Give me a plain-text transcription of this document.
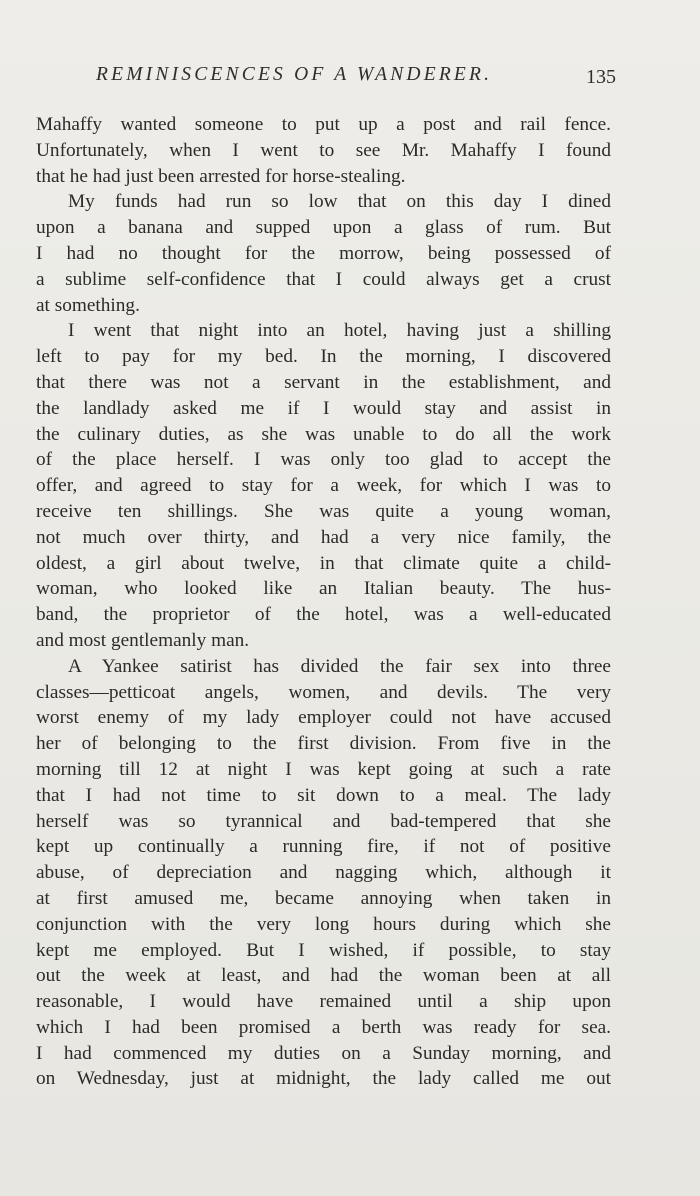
REMINISCENCES OF A WANDERER.	135
Mahaffy wanted someone to put up a post and rail fence.
Unfortunately, when I went to see Mr. Mahaffy I found
that he had just been arrested for horse-stealing.
My funds had run so low that on this day I dined
upon a banana and supped upon a glass of rum. But
I had no thought for the morrow, being possessed of
a sublime self-confidence that I could always get a crust
at something.
I went that night into an hotel, having just a shilling
left to pay for my bed. In the morning, I discovered
that there was not a servant in the establishment, and
the landlady asked me if I would stay and assist in
the culinary duties, as she was unable to do all the work
of the place herself. I was only too glad to accept the
offer, and agreed to stay for a week, for which I was to
receive ten shillings. She was quite a young woman,
not much over thirty, and had a very nice family, the
oldest, a girl about twelve, in that climate quite a child-
woman, who looked like an Italian beauty. The hus-
band, the proprietor of the hotel, was a well-educated
and most gentlemanly man.
A Yankee satirist has divided the fair sex into three
classes—petticoat angels, women, and devils. The very
worst enemy of my lady employer could not have accused
her of belonging to the first division. From five in the
morning till 12 at night I was kept going at such a rate
that I had not time to sit down to a meal. The lady
herself was so tyrannical and bad-tempered that she
kept up continually a running fire, if not of positive
abuse, of depreciation and nagging which, although it
at first amused me, became annoying when taken in
conjunction with the very long hours during which she
kept me employed. But I wished, if possible, to stay
out the week at least, and had the woman been at all
reasonable, I would have remained until a ship upon
which I had been promised a berth was ready for sea.
I had commenced my duties on a Sunday morning, and
on Wednesday, just at midnight, the lady called me out
